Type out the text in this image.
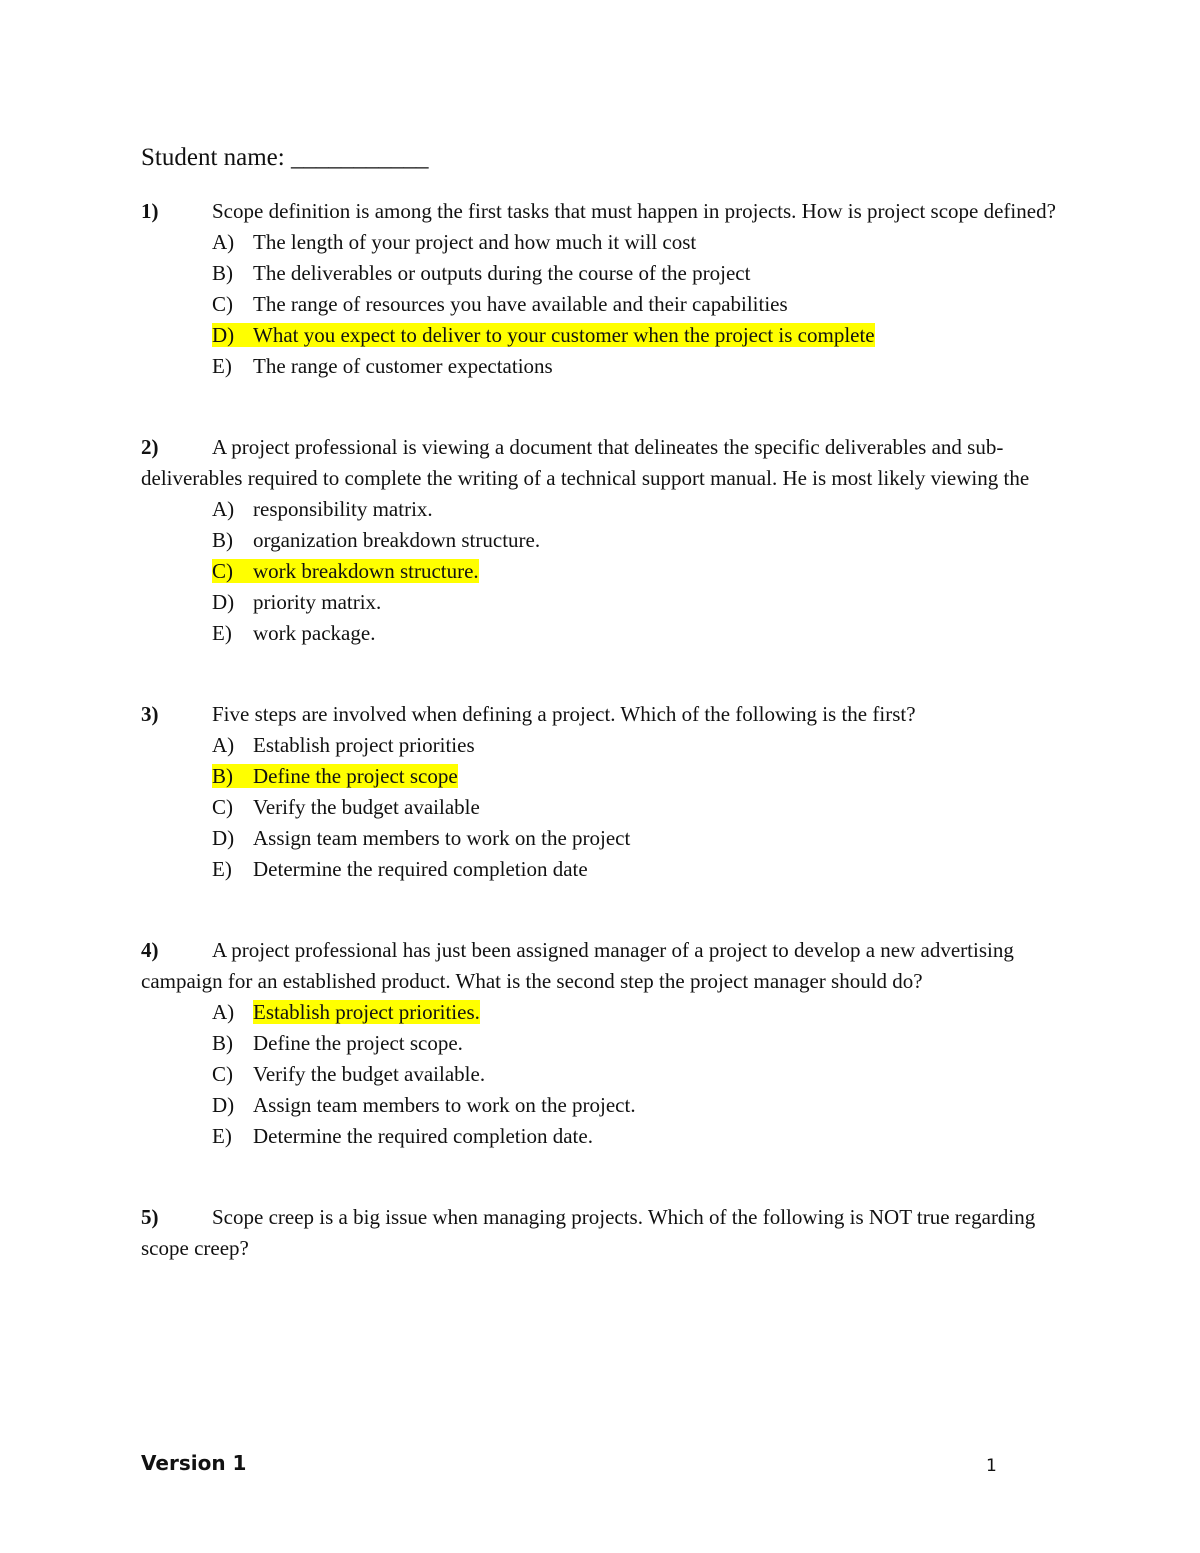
Student name: ___________
1)	Scope definition is among the first tasks that must happen in projects. How is project scope defined?
A) The length of your project and how much it will cost
B) The deliverables or outputs during the course of the project
C) The range of resources you have available and their capabilities
D) What you expect to deliver to your customer when the project is complete
E) The range of customer expectations
2)	A project professional is viewing a document that delineates the specific deliverables and sub-deliverables required to complete the writing of a technical support manual. He is most likely viewing the
A) responsibility matrix.
B) organization breakdown structure.
C) work breakdown structure.
D) priority matrix.
E) work package.
3)	Five steps are involved when defining a project. Which of the following is the first?
A) Establish project priorities
B) Define the project scope
C) Verify the budget available
D) Assign team members to work on the project
E) Determine the required completion date
4)	A project professional has just been assigned manager of a project to develop a new advertising campaign for an established product. What is the second step the project manager should do?
A) Establish project priorities.
B) Define the project scope.
C) Verify the budget available.
D) Assign team members to work on the project.
E) Determine the required completion date.
5)	Scope creep is a big issue when managing projects. Which of the following is NOT true regarding scope creep?
Version 1	1
